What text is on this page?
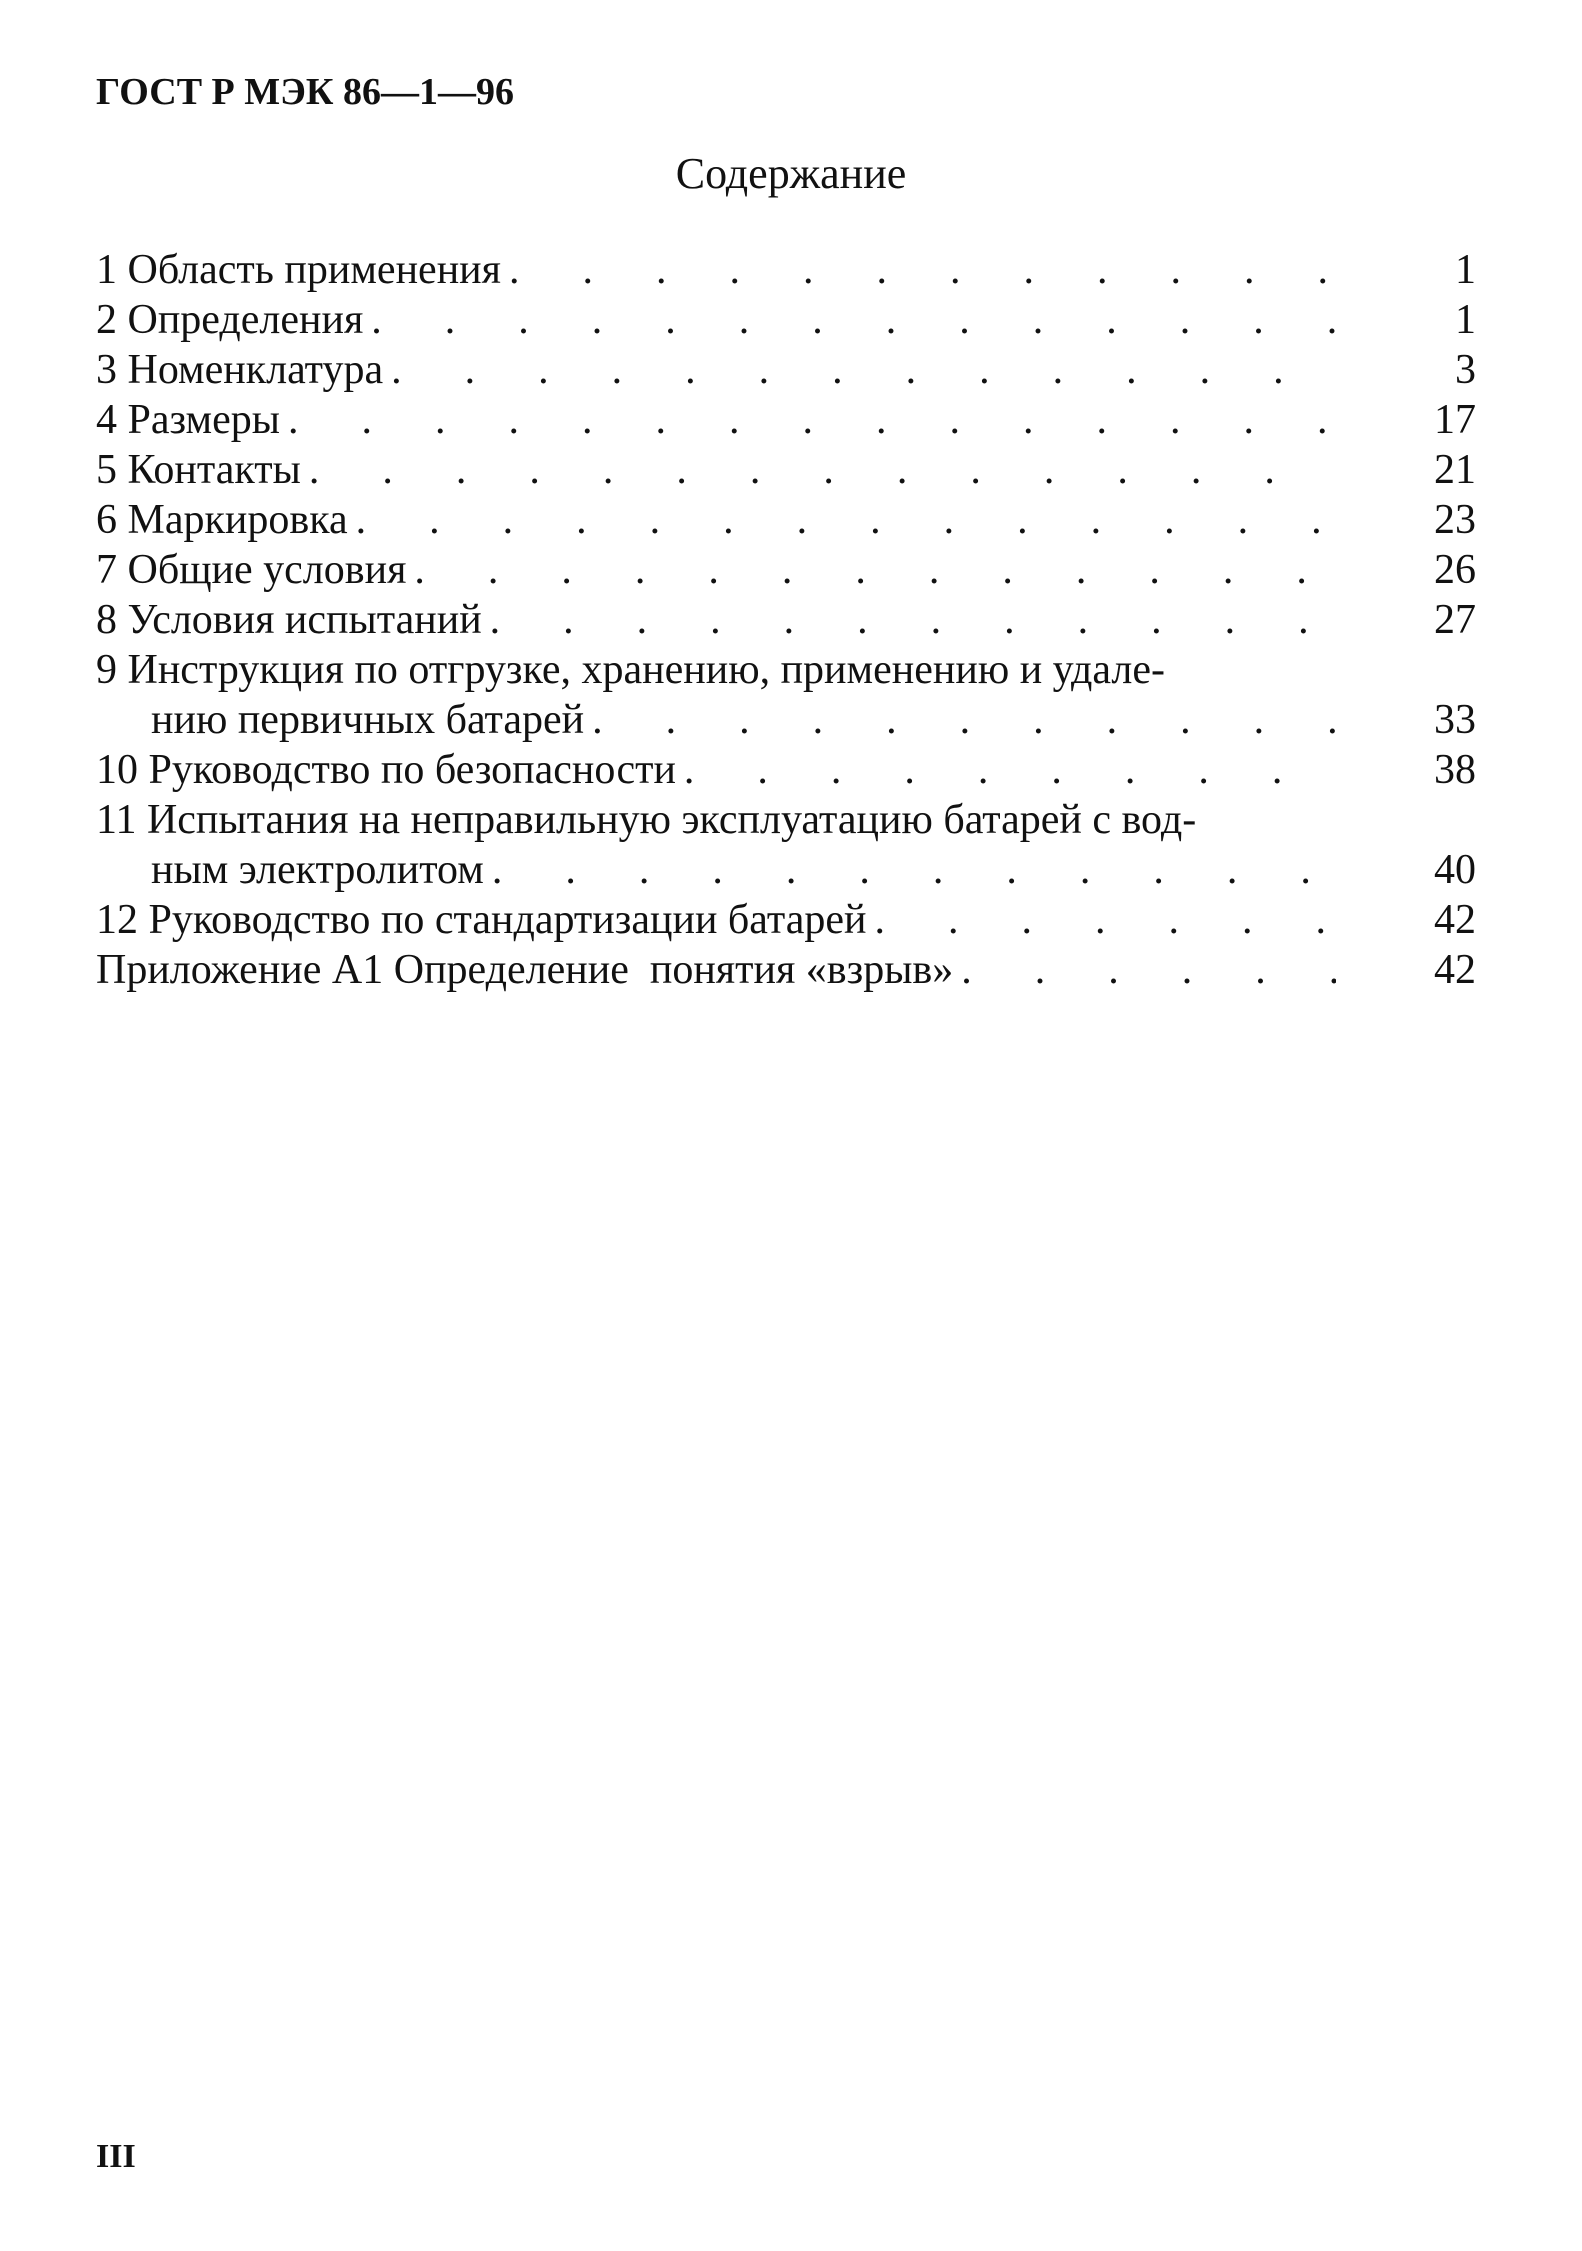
ГОСТ Р МЭК 86—1—96
Содержание
1 Область применения .	1
2 Определения .	1
3 Номенклатура .	3
4 Размеры .	17
5 Контакты .	21
6 Маркировка .	23
7 Общие условия .	26
8 Условия испытаний .	27
9 Инструкция по отгрузке, хранению, применению и удале-
нию первичных батарей .	33
10 Руководство по безопасности .	38
11 Испытания на неправильную эксплуатацию батарей с вод-
ным электролитом .	40
12 Руководство по стандартизации батарей .	42
Приложение А1 Определение  понятия «взрыв» .	42
III
